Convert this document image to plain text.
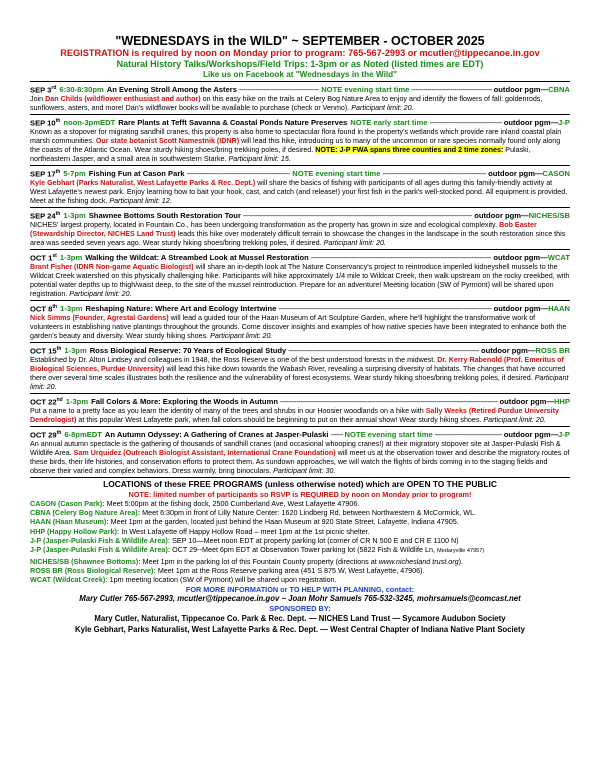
"WEDNESDAYS in the WILD" ~ SEPTEMBER - OCTOBER 2025
REGISTRATION is required by noon on Monday prior to program: 765-567-2993 or mcutler@tippecanoe.in.gov
Natural History Talks/Workshops/Field Trips: 1-3pm or as Noted (listed times are EDT)
Like us on Facebook at "Wednesdays in the Wild"
SEP 3rd 6:30-8:30pm An Evening Stroll Among the Asters -----	NOTE evening start time -----	outdoor pgm— CBNA
Join Dan Childs (wildflower enthusiast and author) on this easy hike on the trails at Celery Bog Nature Area to enjoy and identify the flowers of fall: goldenrods, sunflowers, asters, and more! Dan's wildflower books will be available to purchase (check or Venmo). Participant limit: 20.
SEP 10th noon-3pmEDT Rare Plants at Tefft Savanna & Coastal Ponds Nature Preserves NOTE early start time -----	outdoor pgm— J-P
Known as a stopover for migrating sandhill cranes, this property is also home to spectacular flora found in the property's wetlands which provide rare inland coastal plain marsh communities. Our state botanist Scott Namestnik (IDNR) will lead this hike, introducing us to many of the uncommon or rare species normally found only along the coasts of the Atlantic Ocean. Wear sturdy hiking shoes/bring trekking poles, if desired. NOTE: J-P FWA spans three counties and 2 time zones: Pulaski, northeastern Jasper, and a small area in southwestern Starke. Participant limit: 15.
SEP 17th 5-7pm Fishing Fun at Cason Park -----	NOTE evening start time -----	outdoor pgm— CASON
Kyle Gebhart (Parks Naturalist, West Lafayette Parks & Rec. Dept.) will share the basics of fishing with participants of all ages during this family-friendly activity at West Lafayette's newest park. Enjoy learning how to bait your hook, cast, and catch (and release!) your first fish in the park's well-stocked pond. All equipment is provided. Meet at the fishing dock. Participant limit: 12.
SEP 24th 1-3pm Shawnee Bottoms South Restoration Tour -----	outdoor pgm— NICHES/SB
NICHES' largest property, located in Fountain Co., has been undergoing transformation as the property has grown in size and ecological complexity. Bob Easter (Stewardship Director, NICHES Land Trust) leads this hike over moderately difficult terrain to showcase the changes in the landscape in the south restoration since this area was seeded seven years ago. Wear sturdy hiking shoes/bring trekking poles, if desired. Participant limit: 20.
OCT 1st 1-3pm Walking the Wildcat: A Streambed Look at Mussel Restoration -----	outdoor pgm— WCAT
Brant Fisher (IDNR Non-game Aquatic Biologist) will share an in-depth look at The Nature Conservancy's project to reintroduce imperiled kidneyshell mussels to the Wildcat Creek watershed on this physically challenging hike. Participants will hike approximately 1/4 mile to Wildcat Creek, then walk upstream on the rocky creekbed, with potential water depths up to thigh/waist deep, to the site of the mussel reintroduction. Prepare for an adventure! Meeting location (SW of Pyrmont) will be shared upon registration. Participant limit: 20.
OCT 8th 1-3pm Reshaping Nature: Where Art and Ecology Intertwine -----	outdoor pgm— HAAN
Nick Simms (Founder, Agrestal Gardens) will lead a guided tour of the Haan Museum of Art Sculpture Garden, where he'll highlight the transformative work of volunteers in establishing native plantings throughout the grounds. Come discover insights and examples of how native species have been integrated to enhance both the garden's beauty and diversity. Wear sturdy hiking shoes. Participant limit: 20.
OCT 15th 1-3pm Ross Biological Reserve: 70 Years of Ecological Study -----	outdoor pgm— ROSS BR
Established by Dr. Alton Lindsey and colleagues in 1948, the Ross Reserve is one of the best understood forests in the midwest. Dr. Kerry Rabenold (Prof. Emeritus of Biological Sciences, Purdue University) will lead this hike down towards the Wabash River, revealing a surprising diversity of habitats. The changes that have occurred there over several time scales illustrates both the resilience and the vulnerability of forest ecosystems. Wear sturdy hiking shoes/bring trekking poles, if desired. Participant limit: 20.
OCT 22nd 1-3pm Fall Colors & More: Exploring the Woods in Autumn -----	outdoor pgm— HHP
Put a name to a pretty face as you learn the identity of many of the trees and shrubs in our Hoosier woodlands on a hike with Sally Weeks (Retired Purdue University Dendrologist) at this popular West Lafayette park, when fall colors should be beginning to put on their annual show! Wear sturdy hiking shoes. Participant limit: 20.
OCT 29th 6-8pmEDT An Autumn Odyssey: A Gathering of Cranes at Jasper-Pulaski ----- NOTE evening start time -----	outdoor pgm— J-P
An annual autumn spectacle is the gathering of thousands of sandhill cranes (and occasional whooping cranes!) at their migratory stopover site at Jasper-Pulaski Fish & Wildlife Area. Sam Urquidez (Outreach Biologist Assistant, International Crane Foundation) will meet us at the observation tower and describe the migratory routes of these birds, their life histories, and conservation efforts to protect them. As sundown approaches, we will watch the flights of birds coming in to the staging fields and observe their varied and complex behaviors. Dress warmly, bring binoculars. Participant limit: 30.
LOCATIONS of these FREE PROGRAMS (unless otherwise noted) which are OPEN TO THE PUBLIC
NOTE: limited number of participants so RSVP is REQUIRED by noon on Monday prior to program!
CASON (Cason Park): Meet 5:00pm at the fishing dock, 2500 Cumberland Ave, West Lafayette 47906.
CBNA (Celery Bog Nature Area): Meet 6:30pm in front of Lilly Nature Center: 1620 Lindberg Rd, between Northwestern & McCormick, WL.
HAAN (Haan Museum): Meet 1pm at the garden, located just behind the Haan Museum at 920 State Street, Lafayette, Indiana 47905.
HHP (Happy Hollow Park): In West Lafayette off Happy Hollow Road – meet 1pm at the 1st picnic shelter.
J-P (Jasper-Pulaski Fish & Wildlife Area): SEP 10—Meet noon EDT at property parking lot (corner of CR N 500 E and CR E 1100 N)
J-P (Jasper-Pulaski Fish & Wildlife Area): OCT 29--Meet 6pm EDT at Observation Tower parking lot (5822 Fish & Wildlife Ln, Medaryville 47957)
NICHES/SB (Shawnee Bottoms): Meet 1pm in the parking lot of this Fountain County property (directions at www.nichesland trust.org).
ROSS BR (Ross Biological Reserve): Meet 1pm at the Ross Reserve parking area (451 S 875 W, West Lafayette, 47906).
WCAT (Wildcat Creek): 1pm meeting location (SW of Pyrmont) will be shared upon registration.
FOR MORE INFORMATION or TO HELP WITH PLANNING, contact:
Mary Cutler 765-567-2993, mcutler@tippecanoe.in.gov ~ Joan Mohr Samuels 765-532-3245, mohrsamuels@comcast.net
SPONSORED BY:
Mary Cutler, Naturalist, Tippecanoe Co. Park & Rec. Dept. — NICHES Land Trust — Sycamore Audubon Society
Kyle Gebhart, Parks Naturalist, West Lafayette Parks & Rec. Dept. — West Central Chapter of Indiana Native Plant Society
